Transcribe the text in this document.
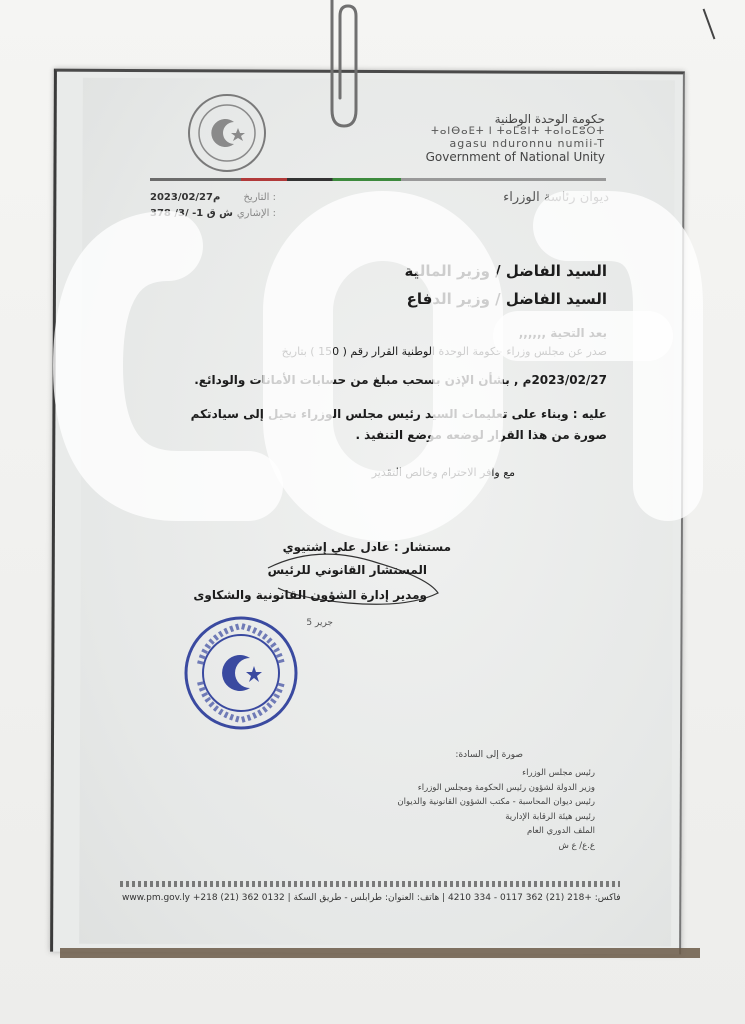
حكومة الوحدة الوطنية
ⵜⴰⵏⴱⴰⴹⵜ ⵏ ⵜⴰⵎⵓⵏⵜ ⵜⴰⵏⴰⵎⵓⵔⵜ
agasu nduronnu numii-T
Government of National Unity
ديوان رئاسة الوزراء
2023/02/27م التاريخ :
ش ق 1- /3/ 378 الإشاري :
السيد الفاضل / وزير المالية
السيد الفاضل / وزير الدفاع
بعد التحية ,,,,,,
صدر عن مجلس وزراء حكومة الوحدة الوطنية القرار رقم ( 150 ) بتاريخ
2023/02/27م , بشأن الإذن بسحب مبلغ من حسابات الأمانات والودائع.
عليه : وبناء على تعليمات السيد رئيس مجلس الوزراء نحيل إلى سيادتكم
صورة من هذا القرار لوضعه موضع التنفيذ .
مع وافر الاحترام وخالص التقدير
مستشار : عادل علي إشتيوي
المستشار القانوني للرئيس
ومدير إدارة الشؤون القانونية والشكاوى
جرير 5
صورة إلى السادة:
رئيس مجلس الوزراء
وزير الدولة لشؤون رئيس الحكومة ومجلس الوزراء
رئيس ديوان المحاسبة - مكتب الشؤون القانونية والديوان
رئيس هيئة الرقابة الإدارية
الملف الدوري العام
ع.ع/ ع ش
www.pm.gov.ly +218 (21) 362 0132 | فاكس: +218 (21) 362 0117 - 334 4210 | هاتف: العنوان: طرابلس - طريق السكة
